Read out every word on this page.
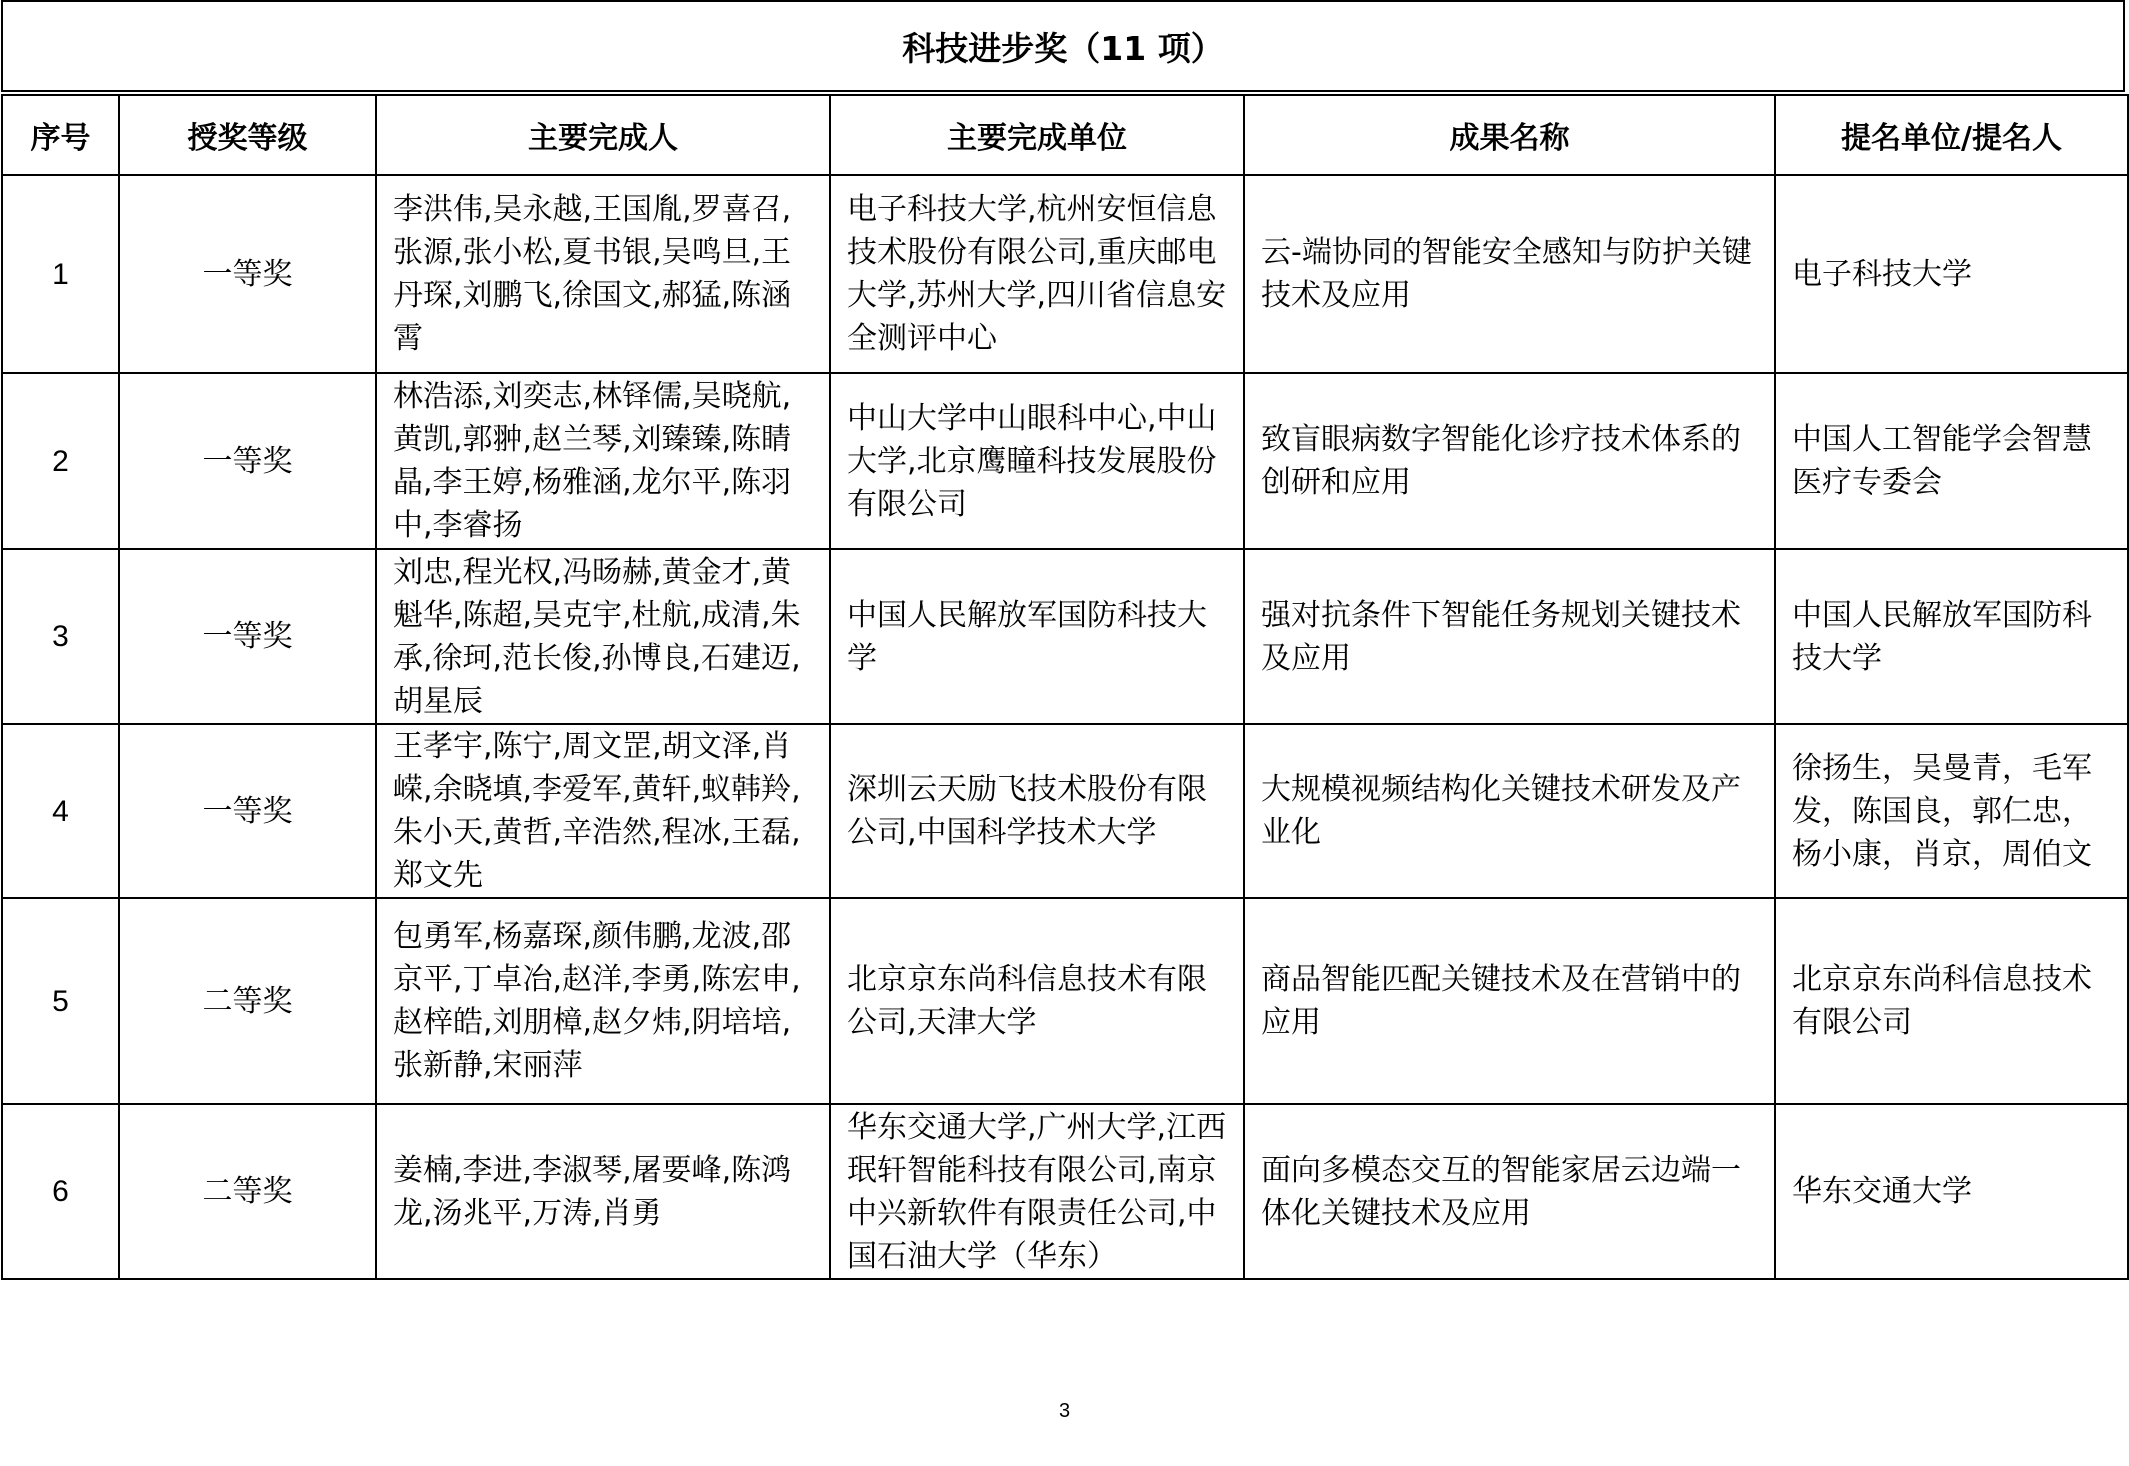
科技进步奖（11 项）
序号	授奖等级	主要完成人	主要完成单位	成果名称	提名单位/提名人
1	一等奖	李洪伟,吴永越,王国胤,罗喜召,张源,张小松,夏书银,吴鸣旦,王丹琛,刘鹏飞,徐国文,郝猛,陈涵霄	电子科技大学,杭州安恒信息技术股份有限公司,重庆邮电大学,苏州大学,四川省信息安全测评中心	云-端协同的智能安全感知与防护关键技术及应用	电子科技大学
2	一等奖	林浩添,刘奕志,林铎儒,吴晓航,黄凯,郭翀,赵兰琴,刘臻臻,陈睛晶,李王婷,杨雅涵,龙尔平,陈羽中,李睿扬	中山大学中山眼科中心,中山大学,北京鹰瞳科技发展股份有限公司	致盲眼病数字智能化诊疗技术体系的创研和应用	中国人工智能学会智慧医疗专委会
3	一等奖	刘忠,程光权,冯旸赫,黄金才,黄魁华,陈超,吴克宇,杜航,成清,朱承,徐珂,范长俊,孙博良,石建迈,胡星辰	中国人民解放军国防科技大学	强对抗条件下智能任务规划关键技术及应用	中国人民解放军国防科技大学
4	一等奖	王孝宇,陈宁,周文罡,胡文泽,肖嵘,余晓填,李爱军,黄轩,蚁韩羚,朱小天,黄哲,辛浩然,程冰,王磊,郑文先	深圳云天励飞技术股份有限公司,中国科学技术大学	大规模视频结构化关键技术研发及产业化	徐扬生，吴曼青，毛军发，陈国良，郭仁忠，杨小康，肖京，周伯文
5	二等奖	包勇军,杨嘉琛,颜伟鹏,龙波,邵京平,丁卓冶,赵洋,李勇,陈宏申,赵梓皓,刘朋樟,赵夕炜,阴培培,张新静,宋丽萍	北京京东尚科信息技术有限公司,天津大学	商品智能匹配关键技术及在营销中的应用	北京京东尚科信息技术有限公司
6	二等奖	姜楠,李进,李淑琴,屠要峰,陈鸿龙,汤兆平,万涛,肖勇	华东交通大学,广州大学,江西珉轩智能科技有限公司,南京中兴新软件有限责任公司,中国石油大学（华东）	面向多模态交互的智能家居云边端一体化关键技术及应用	华东交通大学
3
